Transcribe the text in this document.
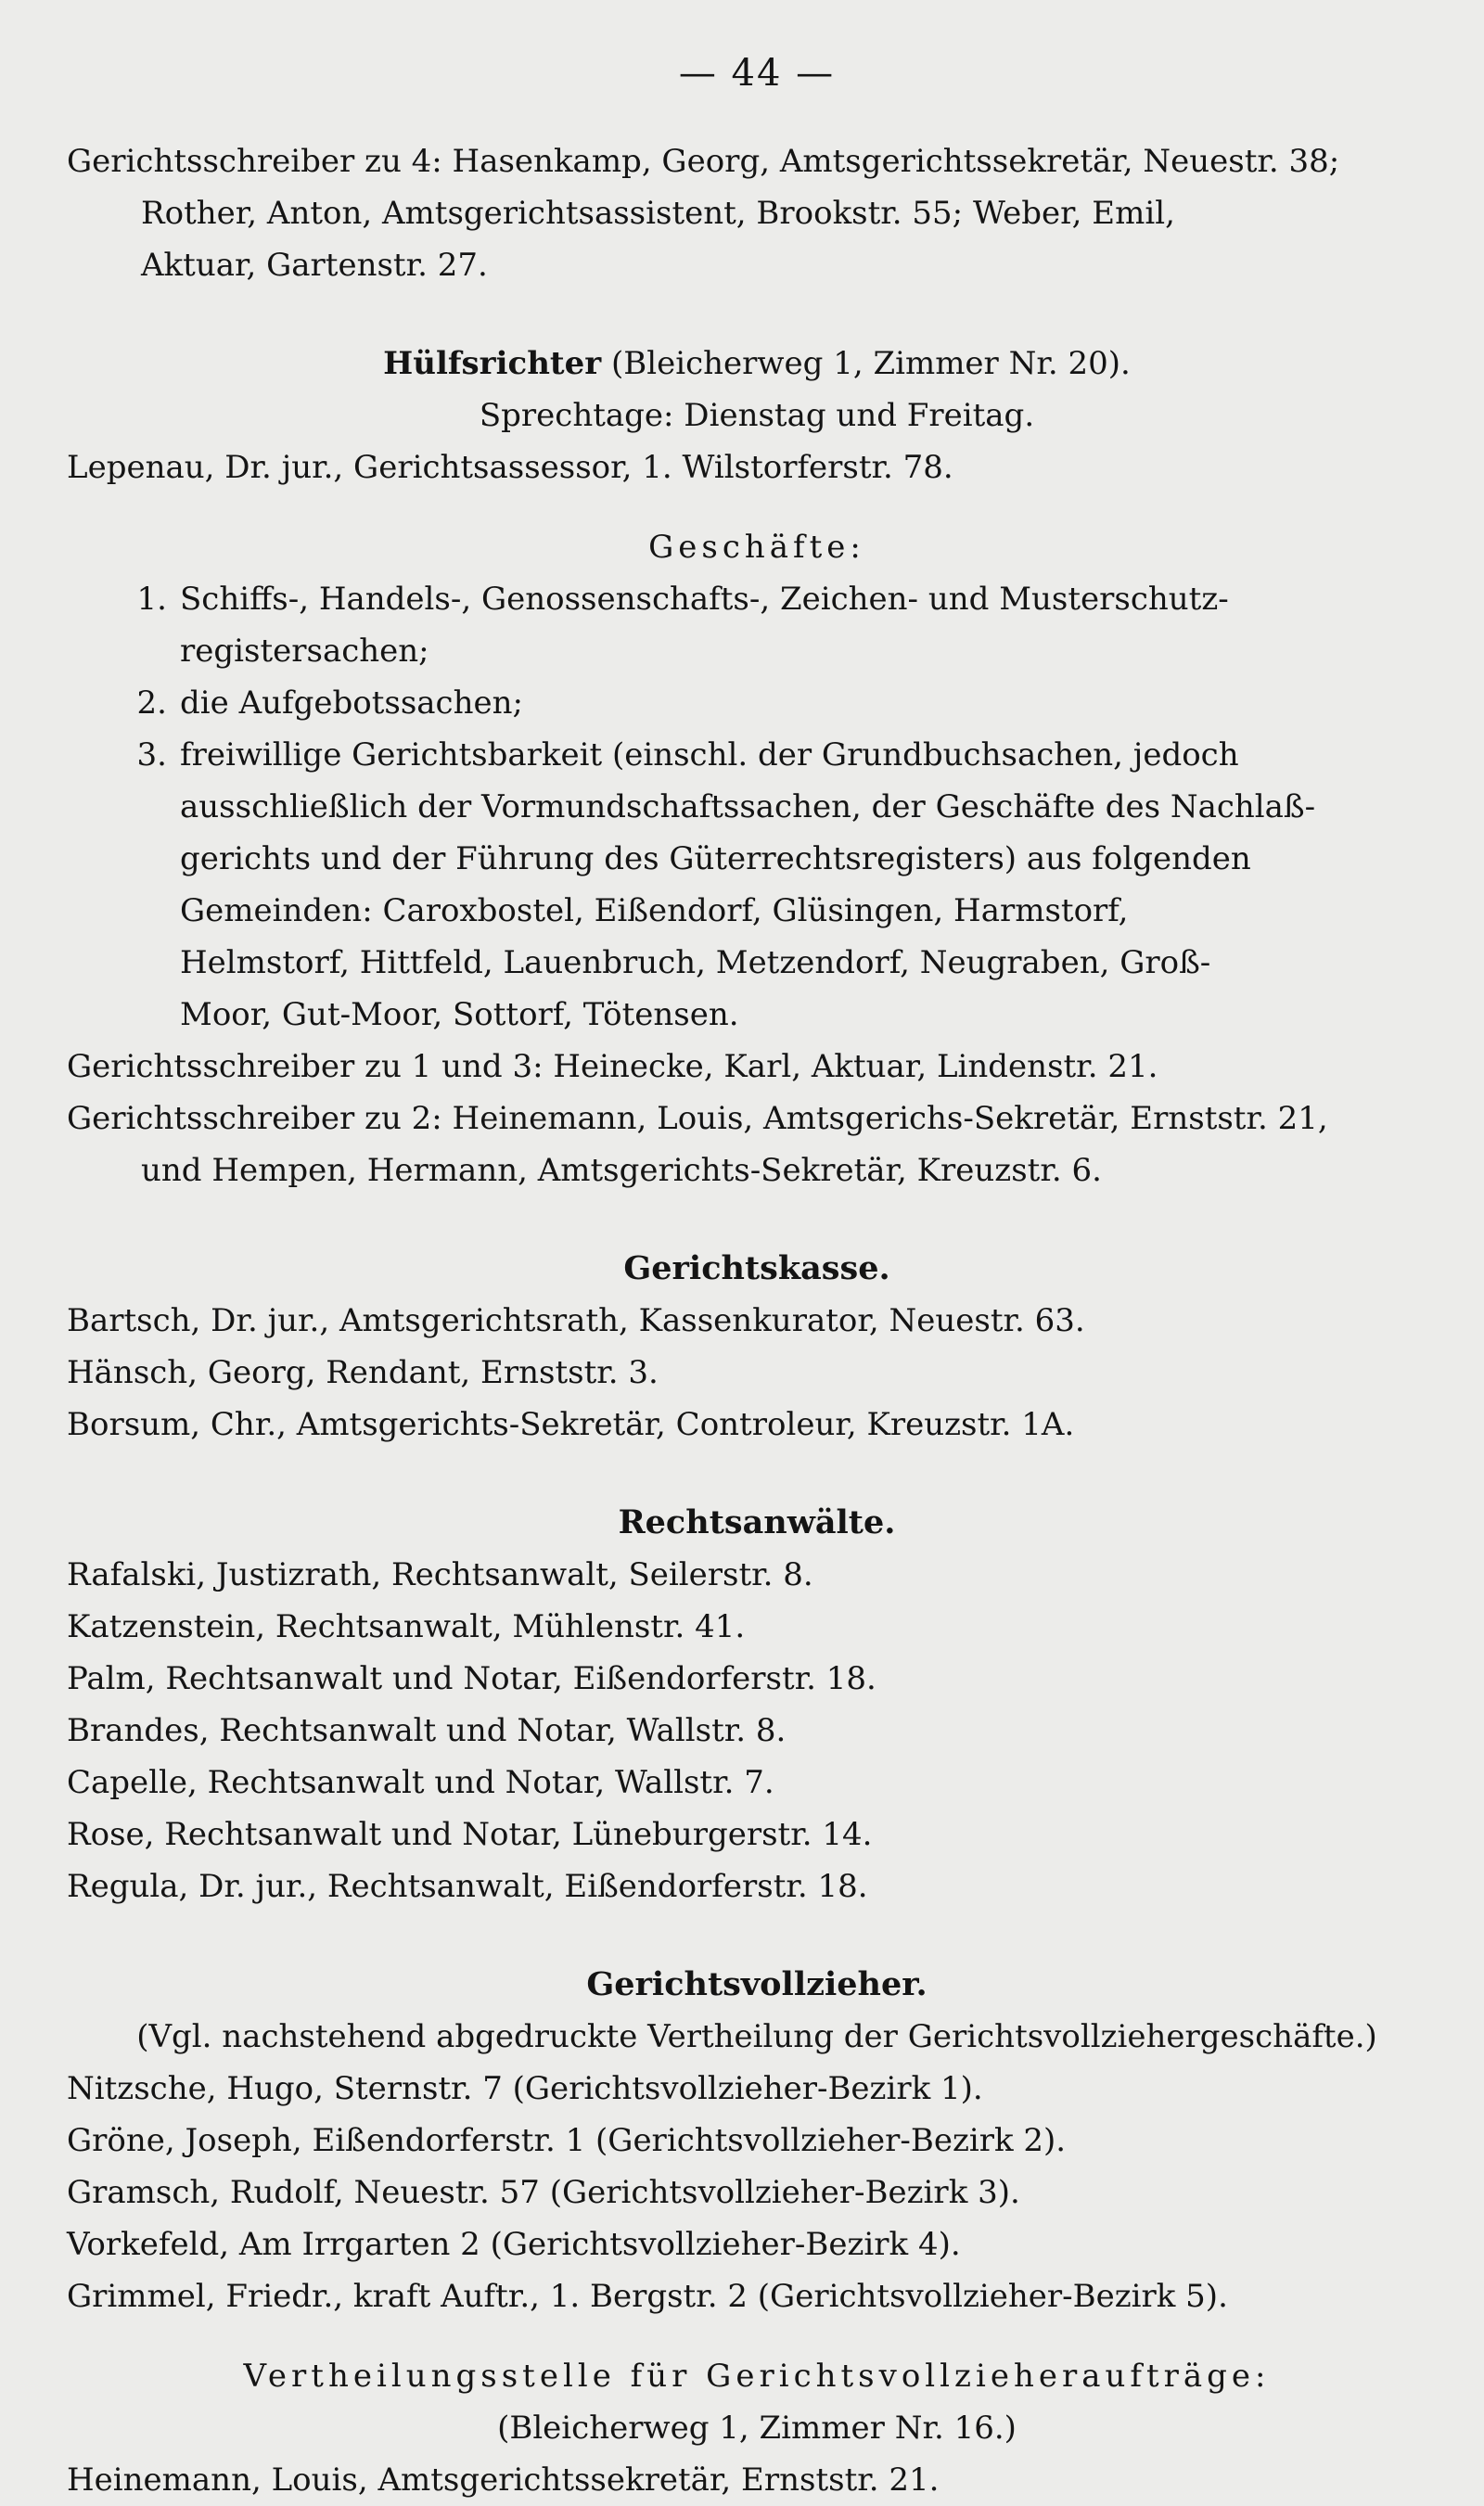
— 44 —
Gerichtsschreiber zu 4: Hasenkamp, Georg, Amtsgerichtssekretär, Neuestr. 38;
Rother, Anton, Amtsgerichtsassistent, Brookstr. 55; Weber, Emil,
Aktuar, Gartenstr. 27.
Hülfsrichter (Bleicherweg 1, Zimmer Nr. 20).
Sprechtage: Dienstag und Freitag.
Lepenau, Dr. jur., Gerichtsassessor, 1. Wilstorferstr. 78.
Geschäfte:
1. Schiffs-, Handels-, Genossenschafts-, Zeichen- und Musterschutz-
registersachen;
2. die Aufgebotssachen;
3. freiwillige Gerichtsbarkeit (einschl. der Grundbuchsachen, jedoch
ausschließlich der Vormundschaftssachen, der Geschäfte des Nachlaß-
gerichts und der Führung des Güterrechtsregisters) aus folgenden
Gemeinden: Caroxbostel, Eißendorf, Glüsingen, Harmstorf,
Helmstorf, Hittfeld, Lauenbruch, Metzendorf, Neugraben, Groß-
Moor, Gut-Moor, Sottorf, Tötensen.
Gerichtsschreiber zu 1 und 3: Heinecke, Karl, Aktuar, Lindenstr. 21.
Gerichtsschreiber zu 2: Heinemann, Louis, Amtsgerichs-Sekretär, Ernststr. 21,
und Hempen, Hermann, Amtsgerichts-Sekretär, Kreuzstr. 6.
Gerichtskasse.
Bartsch, Dr. jur., Amtsgerichtsrath, Kassenkurator, Neuestr. 63.
Hänsch, Georg, Rendant, Ernststr. 3.
Borsum, Chr., Amtsgerichts-Sekretär, Controleur, Kreuzstr. 1A.
Rechtsanwälte.
Rafalski, Justizrath, Rechtsanwalt, Seilerstr. 8.
Katzenstein, Rechtsanwalt, Mühlenstr. 41.
Palm, Rechtsanwalt und Notar, Eißendorferstr. 18.
Brandes, Rechtsanwalt und Notar, Wallstr. 8.
Capelle, Rechtsanwalt und Notar, Wallstr. 7.
Rose, Rechtsanwalt und Notar, Lüneburgerstr. 14.
Regula, Dr. jur., Rechtsanwalt, Eißendorferstr. 18.
Gerichtsvollzieher.
(Vgl. nachstehend abgedruckte Vertheilung der Gerichtsvollziehergeschäfte.)
Nitzsche, Hugo, Sternstr. 7 (Gerichtsvollzieher-Bezirk 1).
Gröne, Joseph, Eißendorferstr. 1 (Gerichtsvollzieher-Bezirk 2).
Gramsch, Rudolf, Neuestr. 57 (Gerichtsvollzieher-Bezirk 3).
Vorkefeld, Am Irrgarten 2 (Gerichtsvollzieher-Bezirk 4).
Grimmel, Friedr., kraft Auftr., 1. Bergstr. 2 (Gerichtsvollzieher-Bezirk 5).
Vertheilungsstelle für Gerichtsvollzieheraufträge:
(Bleicherweg 1, Zimmer Nr. 16.)
Heinemann, Louis, Amtsgerichtssekretär, Ernststr. 21.
